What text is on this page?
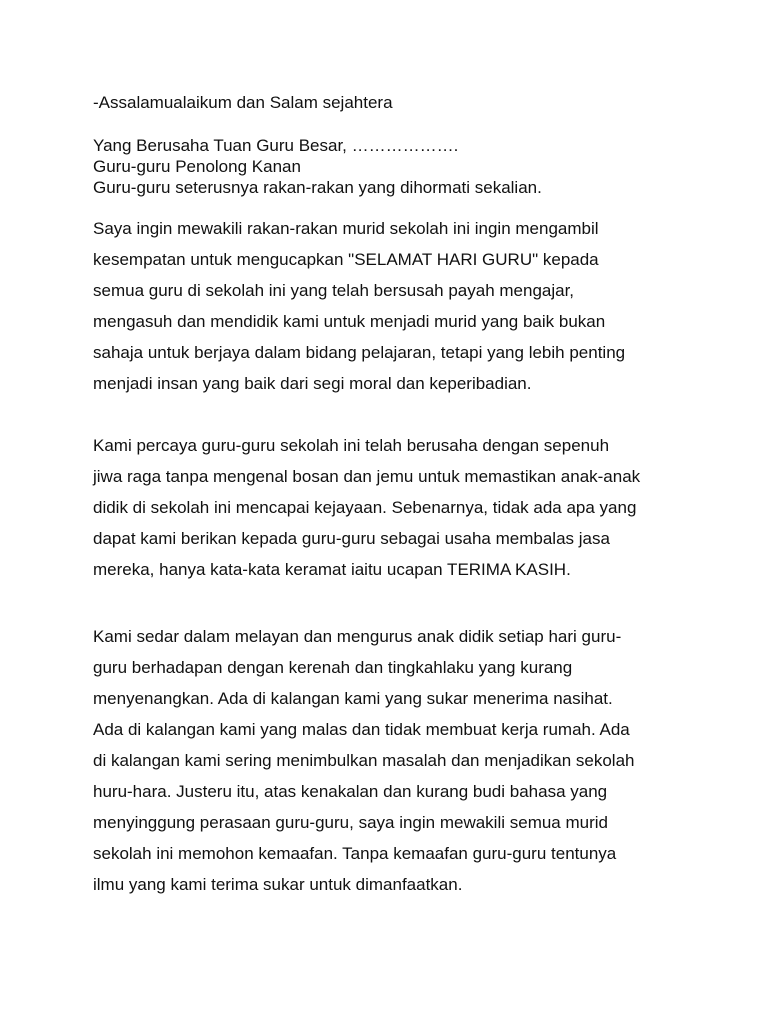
-Assalamualaikum dan Salam sejahtera
Yang Berusaha Tuan Guru Besar, ……………….
Guru-guru Penolong Kanan
Guru-guru seterusnya rakan-rakan yang dihormati sekalian.
Saya ingin mewakili rakan-rakan murid sekolah ini ingin mengambil
kesempatan untuk mengucapkan "SELAMAT HARI GURU" kepada
semua guru di sekolah ini yang telah bersusah payah mengajar,
mengasuh dan mendidik kami untuk menjadi murid yang baik bukan
sahaja untuk berjaya dalam bidang pelajaran, tetapi yang lebih penting
menjadi insan yang baik dari segi moral dan keperibadian.
Kami percaya guru-guru sekolah ini telah berusaha dengan sepenuh
jiwa raga tanpa mengenal bosan dan jemu untuk memastikan anak-anak
didik di sekolah ini mencapai kejayaan. Sebenarnya, tidak ada apa yang
dapat kami berikan kepada guru-guru sebagai usaha membalas jasa
mereka, hanya kata-kata keramat iaitu ucapan TERIMA KASIH.
Kami sedar dalam melayan dan mengurus anak didik setiap hari guru-
guru berhadapan dengan kerenah dan tingkahlaku yang kurang
menyenangkan. Ada di kalangan kami yang sukar menerima nasihat.
Ada di kalangan kami yang malas dan tidak membuat kerja rumah. Ada
di kalangan kami sering menimbulkan masalah dan menjadikan sekolah
huru-hara. Justeru itu, atas kenakalan dan kurang budi bahasa yang
menyinggung perasaan guru-guru, saya ingin mewakili semua murid
sekolah ini memohon kemaafan. Tanpa kemaafan guru-guru tentunya
ilmu yang kami terima sukar untuk dimanfaatkan.
